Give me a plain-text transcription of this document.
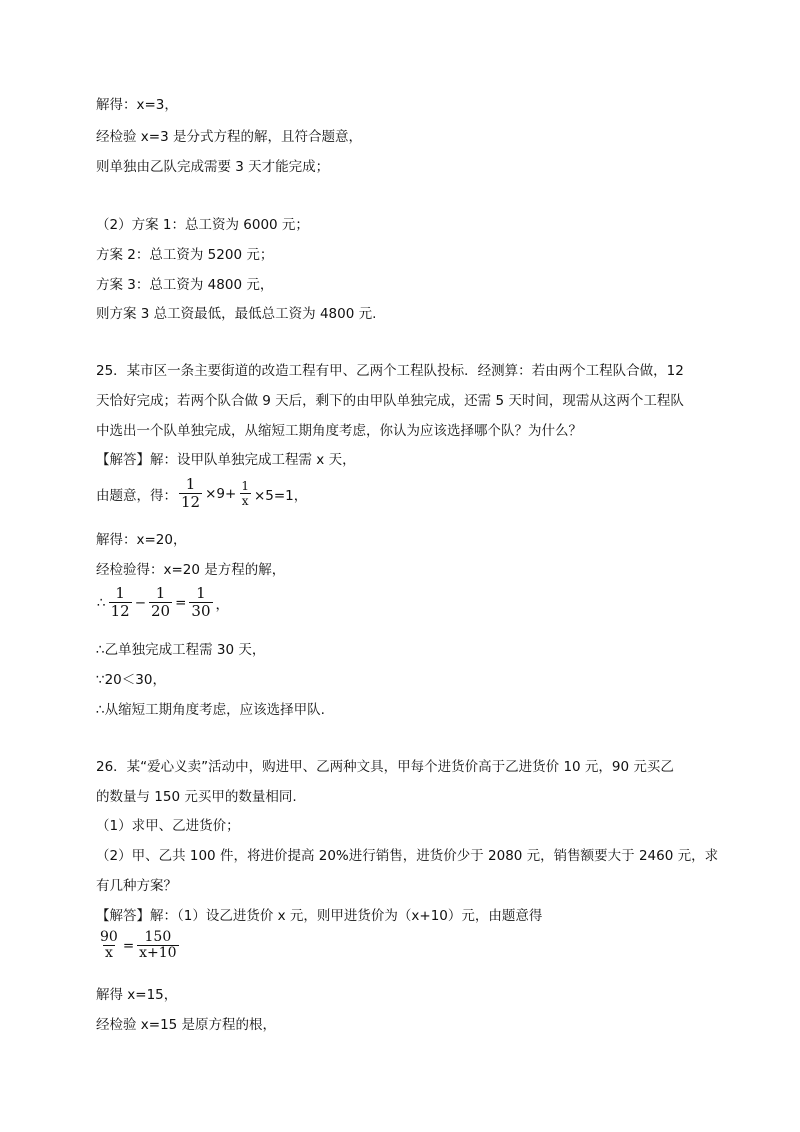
解得：x=3，
经检验 x=3 是分式方程的解，且符合题意，
则单独由乙队完成需要 3 天才能完成；
（2）方案 1：总工资为 6000 元；
方案 2：总工资为 5200 元；
方案 3：总工资为 4800 元，
则方案 3 总工资最低，最低总工资为 4800 元.
25．某市区一条主要街道的改造工程有甲、乙两个工程队投标．经测算：若由两个工程队合做，12
天恰好完成；若两个队合做 9 天后，剩下的由甲队单独完成，还需 5 天时间，现需从这两个工程队
中选出一个队单独完成，从缩短工期角度考虑，你认为应该选择哪个队？为什么？
【解答】解：设甲队单独完成工程需 x 天，
由题意，得： $\frac{1}{12} \times 9+ \frac{1}{x} \times 5=1$，
解得：x=20，
经检验得：x=20 是方程的解，
∴ $\frac{1}{12} - \frac{1}{20} = \frac{1}{30}$ ，
∴乙单独完成工程需 30 天，
∵20＜30，
∴从缩短工期角度考虑，应该选择甲队.
26．某“爱心义卖”活动中，购进甲、乙两种文具，甲每个进货价高于乙进货价 10 元，90 元买乙
的数量与 150 元买甲的数量相同.
（1）求甲、乙进货价；
（2）甲、乙共 100 件，将进价提高 20%进行销售，进货价少于 2080 元，销售额要大于 2460 元，求
有几种方案？
【解答】解：（1）设乙进货价 x 元，则甲进货价为（x+10）元，由题意得
$\frac{90}{x} = \frac{150}{x+10}$
解得 x=15，
经检验 x=15 是原方程的根，
